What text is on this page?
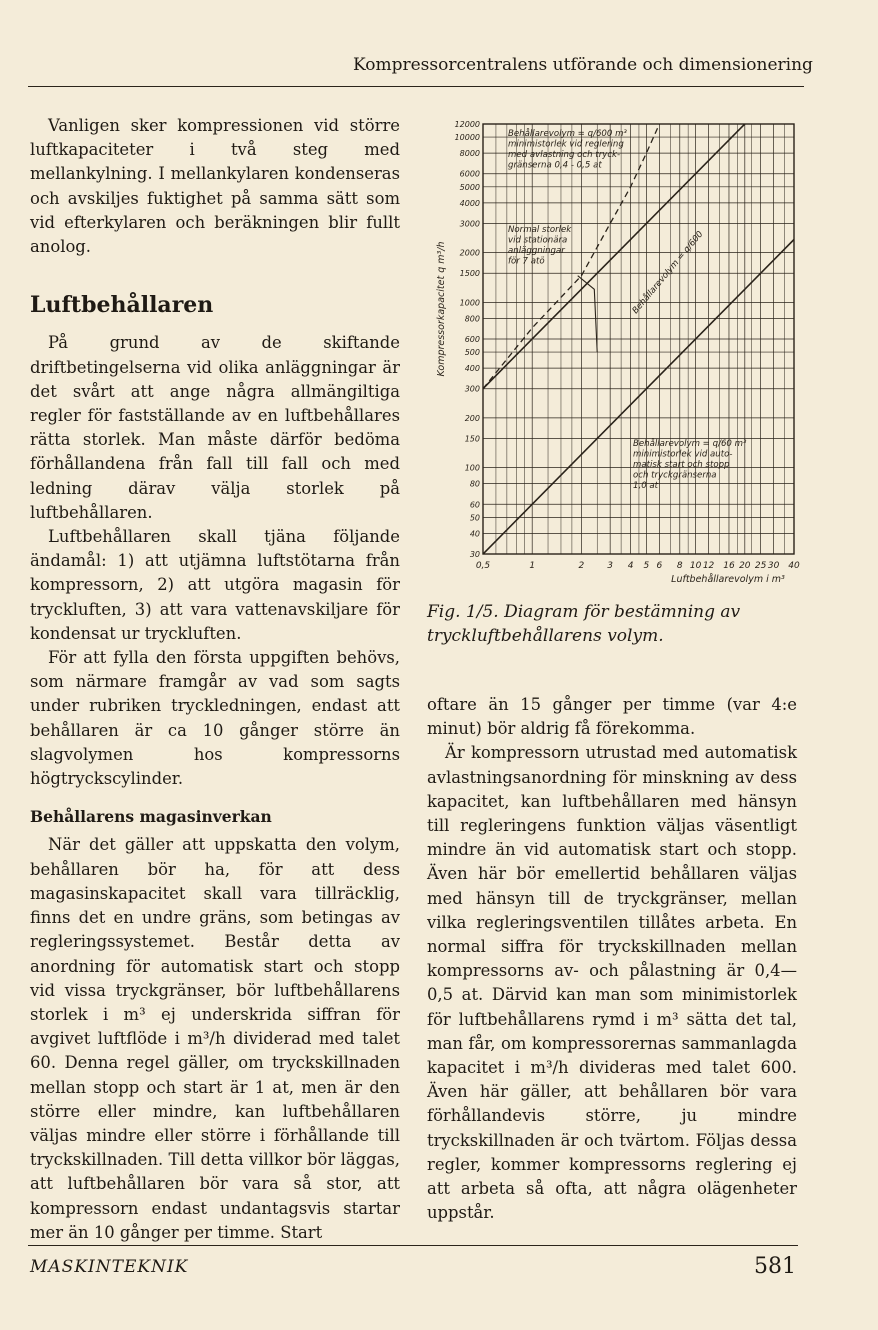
Kompressorcentralens utförande och dimensionering

Vanligen sker kompressionen vid större luftkapaciteter i två steg med mellankylning. I mellankylaren kondenseras och avskiljes fuktighet på samma sätt som vid efterkylaren och beräkningen blir fullt anolog.

Luftbehållaren

På grund av de skiftande driftbetingelserna vid olika anläggningar är det svårt att ange några allmängiltiga regler för fastställande av en luftbehållares rätta storlek. Man måste därför bedöma förhållandena från fall till fall och med ledning därav välja storlek på luftbehållaren.

Luftbehållaren skall tjäna följande ändamål: 1) att utjämna luftstötarna från kompressorn, 2) att utgöra magasin för tryckluften, 3) att vara vattenavskiljare för kondensat ur tryckluften.

För att fylla den första uppgiften behövs, som närmare framgår av vad som sagts under rubriken tryckledningen, endast att behållaren är ca 10 gånger större än slagvolymen hos kompressorns högtryckscylinder.

Behållarens magasinverkan

När det gäller att uppskatta den volym, behållaren bör ha, för att dess magasinskapacitet skall vara tillräcklig, finns det en undre gräns, som betingas av regleringssystemet. Består detta av anordning för automatisk start och stopp vid vissa tryckgränser, bör luftbehållarens storlek i m³ ej underskrida siffran för avgivet luftflöde i m³/h dividerad med talet 60. Denna regel gäller, om tryckskillnaden mellan stopp och start är 1 at, men är den större eller mindre, kan luftbehållaren väljas mindre eller större i förhållande till tryckskillnaden. Till detta villkor bör läggas, att luftbehållaren bör vara så stor, att kompressorn endast undantagsvis startar mer än 10 gånger per timme. Start

0,5	1	2	3 4 5 6 8 10 12 16 20 25 30 40
30
40
50
60
80
100
150
200
300
400
500
600
800
1000
1500
2000
3000
4000
5000
6000
8000
10000
12000
Luftbehållarevolym i m³
Kompressorkapacitet q m³/h
Behållarevolym = q/600 m³ minimistorlek vid reglering med avlastning och tryck-gränserna 0,4 - 0,5 at
Normal storlek vid stationära anläggningar för 7 atö	Behållarevolym = q/600
Behållarevolym = q/60 m³ minimistorlek vid auto-matisk start och stopp och tryckgränserna 1,0 at
Fig. 1/5. Diagram för bestämning av tryckluftbehållarens volym.

oftare än 15 gånger per timme (var 4:e minut) bör aldrig få förekomma.

Är kompressorn utrustad med automatisk avlastningsanordning för minskning av dess kapacitet, kan luftbehållaren med hänsyn till regleringens funktion väljas väsentligt mindre än vid automatisk start och stopp. Även här bör emellertid behållaren väljas med hänsyn till de tryckgränser, mellan vilka regleringsventilen tillåtes arbeta. En normal siffra för tryckskillnaden mellan kompressorns av- och pålastning är 0,4—0,5 at. Därvid kan man som minimistorlek för luftbehållarens rymd i m³ sätta det tal, man får, om kompressorernas sammanlagda kapacitet i m³/h divideras med talet 600. Även här gäller, att behållaren bör vara förhållandevis större, ju mindre tryckskillnaden är och tvärtom. Följas dessa regler, kommer kompressorns reglering ej att arbeta så ofta, att några olägenheter uppstår.

MASKINTEKNIK	581
